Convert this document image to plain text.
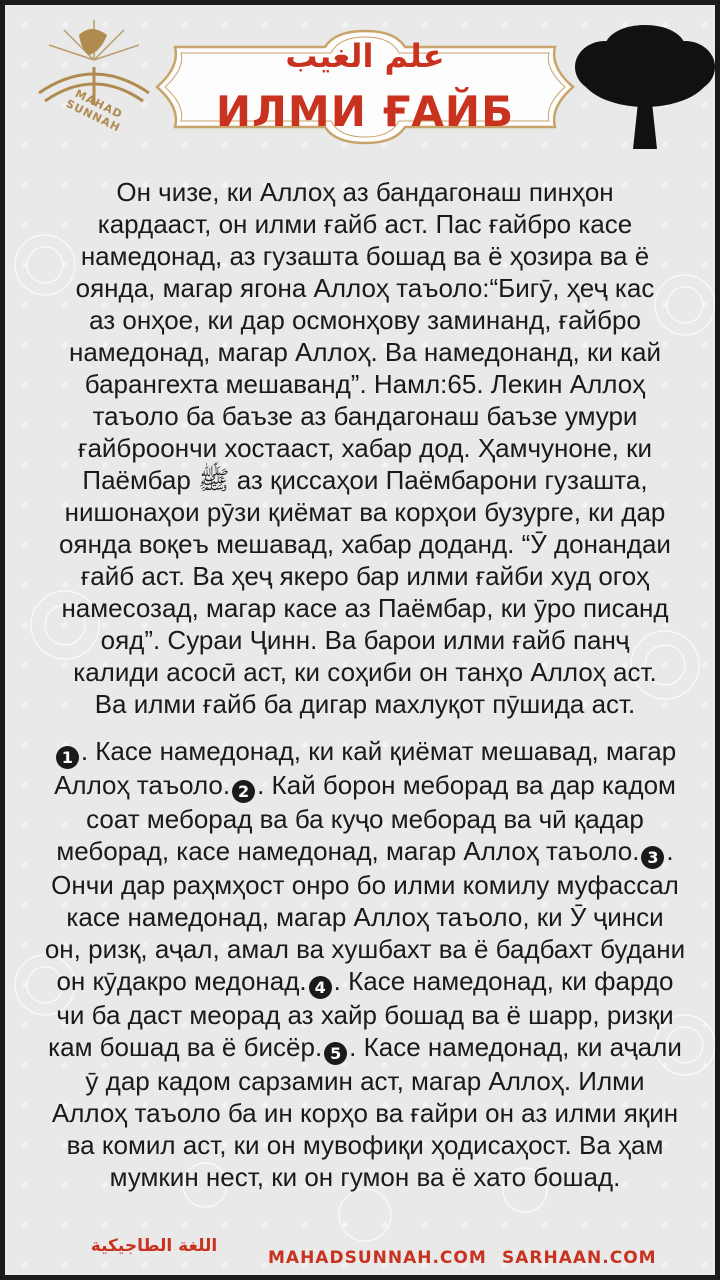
MAHAD SUNNAH
علم الغيب
ИЛМИ ҒАЙБ
Он чизе, ки Аллоҳ аз бандагонаш пинҳон
кардааст, он илми ғайб аст. Пас ғайбро касе
намедонад, аз гузашта бошад ва ё ҳозира ва ё
оянда, магар ягона Аллоҳ таъоло:“Бигӯ, ҳеҷ кас
аз онҳое, ки дар осмонҳову заминанд, ғайбро
намедонад, магар Аллоҳ. Ва намедонанд, ки кай
барангехта мешаванд”. Намл:65. Лекин Аллоҳ
таъоло ба баъзе аз бандагонаш баъзе умури
ғайброончи хостааст, хабар дод. Ҳамчуноне, ки
Паёмбар ﷺ аз қиссаҳои Паёмбарони гузашта,
нишонаҳои рӯзи қиёмат ва корҳои бузурге, ки дар
оянда воқеъ мешавад, хабар доданд. “Ӯ донандаи
ғайб аст. Ва ҳеҷ якеро бар илми ғайби худ огоҳ
намесозад, магар касе аз Паёмбар, ки ӯро писанд
ояд”. Сураи Ҷинн. Ва барои илми ғайб панҷ
калиди асосӣ аст, ки соҳиби он танҳо Аллоҳ аст.
Ва илми ғайб ба дигар махлуқот пӯшида аст.
1 . Касе намедонад, ки кай қиёмат мешавад, магар
Аллоҳ таъоло. 2 . Кай борон меборад ва дар кадом
соат меборад ва ба куҷо меборад ва чӣ қадар
меборад, касе намедонад, магар Аллоҳ таъоло. 3 .
Ончи дар раҳмҳост онро бо илми комилу муфассал
касе намедонад, магар Аллоҳ таъоло, ки Ӯ ҷинси
он, ризқ, аҷал, амал ва хушбахт ва ё бадбахт будани
он кӯдакро медонад. 4 . Касе намедонад, ки фардо
чи ба даст меорад аз хайр бошад ва ё шарр, ризқи
кам бошад ва ё бисёр. 5 . Касе намедонад, ки аҷали
ӯ дар кадом сарзамин аст, магар Аллоҳ. Илми
Аллоҳ таъоло ба ин корҳо ва ғайри он аз илми яқин
ва комил аст, ки он мувофиқи ҳодисаҳост. Ва ҳам
мумкин нест, ки он гумон ва ё хато бошад.
اللغة الطاجيكية
MAHADSUNNAH.COM SARHAAN.COM
